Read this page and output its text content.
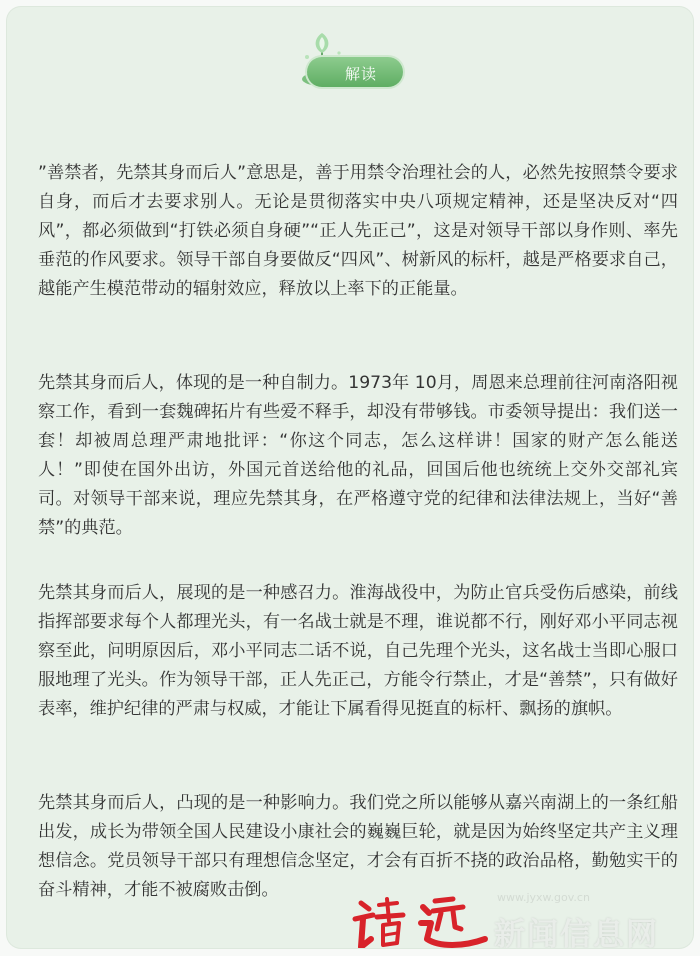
解读

”善禁者，先禁其身而后人”意思是，善于用禁令治理社会的人，必然先按照禁令要求自身，而后才去要求别人。无论是贯彻落实中央八项规定精神，还是坚决反对“四风”，都必须做到“打铁必须自身硬”“正人先正己”，这是对领导干部以身作则、率先垂范的作风要求。领导干部自身要做反“四风”、树新风的标杆，越是严格要求自己，越能产生模范带动的辐射效应，释放以上率下的正能量。

先禁其身而后人，体现的是一种自制力。1973年 10月，周恩来总理前往河南洛阳视察工作，看到一套魏碑拓片有些爱不释手，却没有带够钱。市委领导提出：我们送一套！却被周总理严肃地批评：“你这个同志，怎么这样讲！国家的财产怎么能送人！”即使在国外出访，外国元首送给他的礼品，回国后他也统统上交外交部礼宾司。对领导干部来说，理应先禁其身，在严格遵守党的纪律和法律法规上，当好“善禁”的典范。

先禁其身而后人，展现的是一种感召力。淮海战役中，为防止官兵受伤后感染，前线指挥部要求每个人都理光头，有一名战士就是不理，谁说都不行，刚好邓小平同志视察至此，问明原因后，邓小平同志二话不说，自己先理个光头，这名战士当即心服口服地理了光头。作为领导干部，正人先正己，方能令行禁止，才是“善禁”，只有做好表率，维护纪律的严肃与权威，才能让下属看得见挺直的标杆、飘扬的旗帜。

先禁其身而后人，凸现的是一种影响力。我们党之所以能够从嘉兴南湖上的一条红船出发，成长为带领全国人民建设小康社会的巍巍巨轮，就是因为始终坚定共产主义理想信念。党员领导干部只有理想信念坚定，才会有百折不挠的政治品格，勤勉实干的奋斗精神，才能不被腐败击倒。	www.jyxw.gov.cn
新闻信息网
